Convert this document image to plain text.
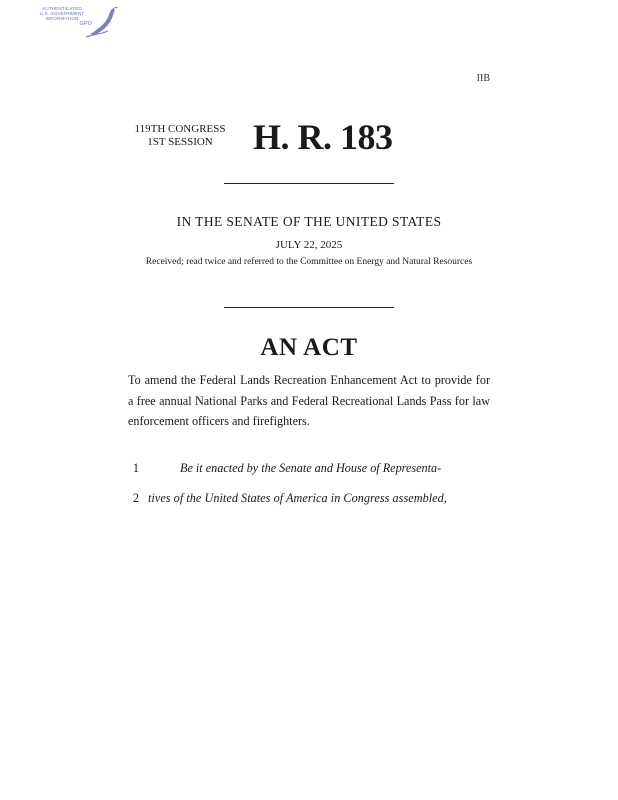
AUTHENTICATED
U.S. GOVERNMENT
INFORMATION
GPO
IIB
119TH CONGRESS
1ST SESSION	H. R. 183
IN THE SENATE OF THE UNITED STATES
JULY 22, 2025
Received; read twice and referred to the Committee on Energy and Natural Resources
AN ACT
To amend the Federal Lands Recreation Enhancement Act to provide for a free annual National Parks and Federal Recreational Lands Pass for law enforcement officers and firefighters.
1	Be it enacted by the Senate and House of Representa-
2 tives of the United States of America in Congress assembled,
